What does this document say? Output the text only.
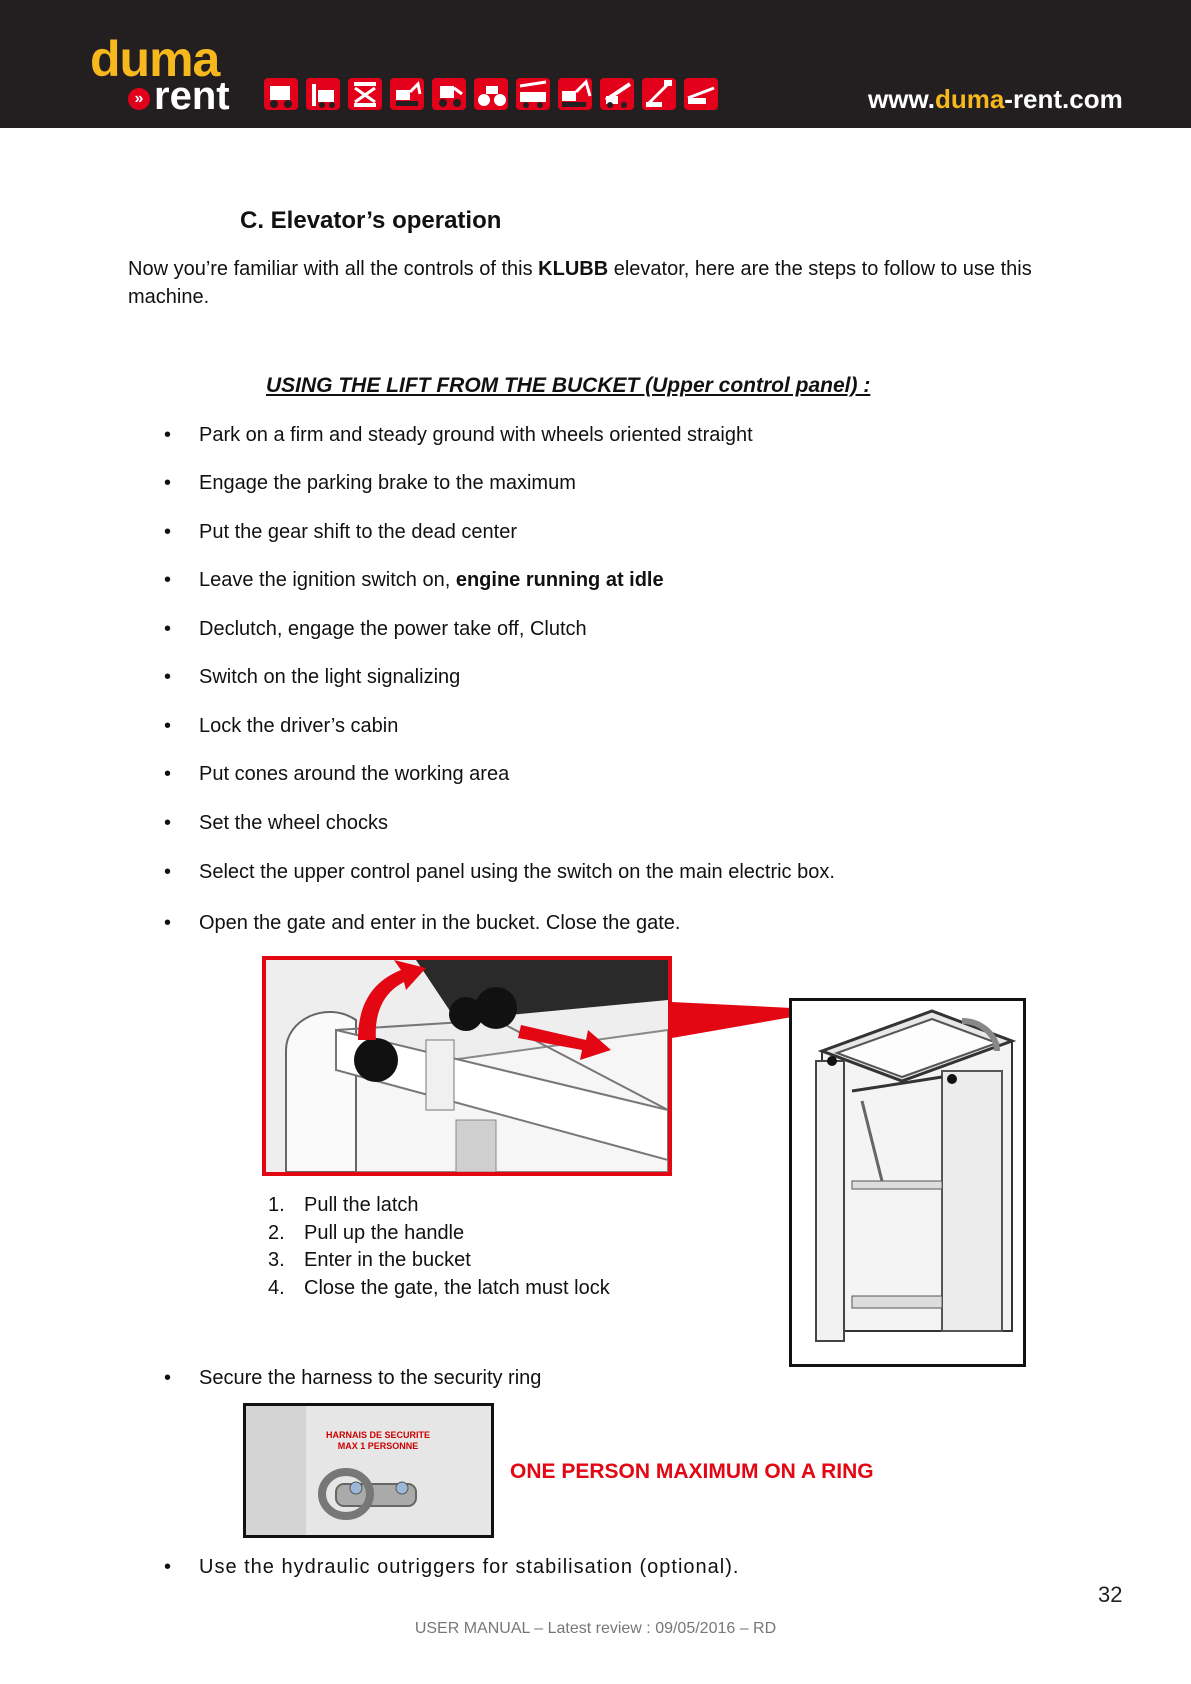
duma
» rent	www.duma-rent.com
C. Elevator’s operation
Now you’re familiar with all the controls of this KLUBB elevator, here are the steps to follow to use this machine.
USING THE LIFT FROM THE BUCKET (Upper control panel) :
• Park on a firm and steady ground with wheels oriented straight
• Engage the parking brake to the maximum
• Put the gear shift to the dead center
• Leave the ignition switch on, engine running at idle
• Declutch, engage the power take off, Clutch
• Switch on the light signalizing
• Lock the driver’s cabin
• Put cones around the working area
• Set the wheel chocks
• Select the upper control panel using the switch on the main electric box.
• Open the gate and enter in the bucket. Close the gate.
1. Pull the latch
2. Pull up the handle
3. Enter in the bucket
4. Close the gate, the latch must lock
• Secure the harness to the security ring
HARNAIS DE SECURITE
MAX 1 PERSONNE
ONE PERSON MAXIMUM ON A RING
• Use the hydraulic outriggers for stabilisation (optional).
32
USER MANUAL – Latest review : 09/05/2016 – RD
